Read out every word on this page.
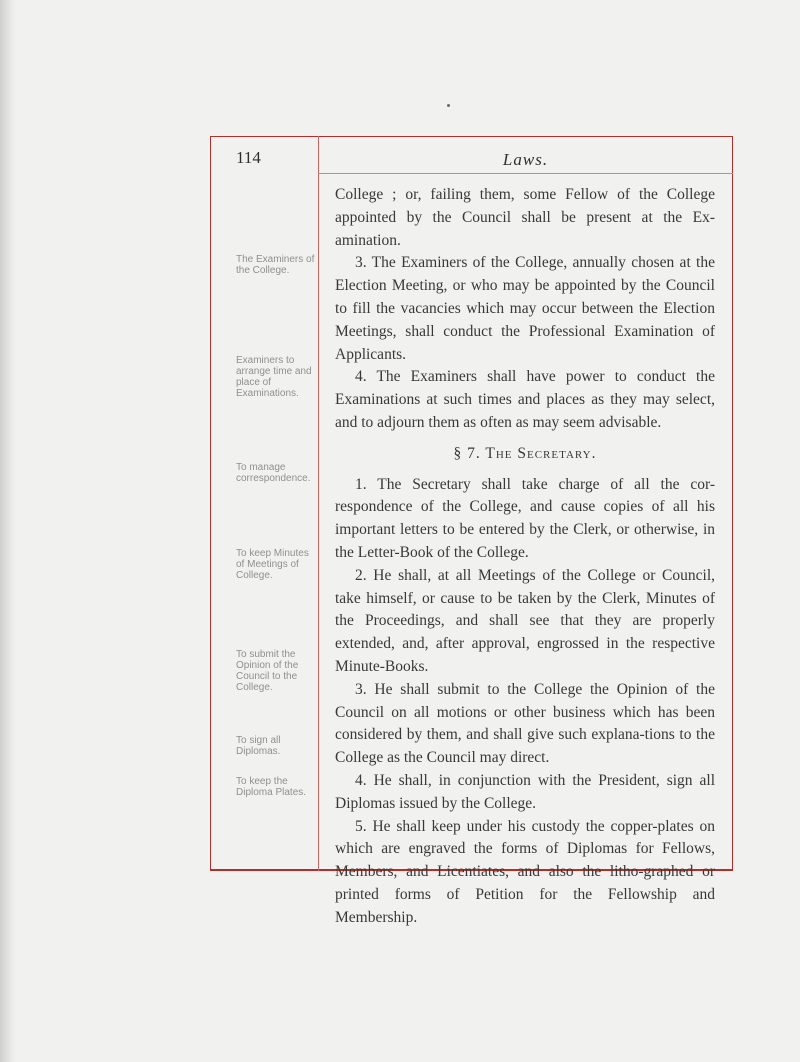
114	Laws.
The Examiners of the College.
Examiners to arrange time and place of Examinations.
To manage correspondence.
To keep Minutes of Meetings of College.
To submit the Opinion of the Council to the College.
To sign all Diplomas.
To keep the Diploma Plates.

College ; or, failing them, some Fellow of the College appointed by the Council shall be present at the Ex-amination.

3. The Examiners of the College, annually chosen at the Election Meeting, or who may be appointed by the Council to fill the vacancies which may occur between the Election Meetings, shall conduct the Professional Examination of Applicants.

4. The Examiners shall have power to conduct the Examinations at such times and places as they may select, and to adjourn them as often as may seem advisable.

§ 7. The Secretary.

1. The Secretary shall take charge of all the cor-respondence of the College, and cause copies of all his important letters to be entered by the Clerk, or otherwise, in the Letter-Book of the College.

2. He shall, at all Meetings of the College or Council, take himself, or cause to be taken by the Clerk, Minutes of the Proceedings, and shall see that they are properly extended, and, after approval, engrossed in the respective Minute-Books.

3. He shall submit to the College the Opinion of the Council on all motions or other business which has been considered by them, and shall give such explana-tions to the College as the Council may direct.

4. He shall, in conjunction with the President, sign all Diplomas issued by the College.

5. He shall keep under his custody the copper-plates on which are engraved the forms of Diplomas for Fellows, Members, and Licentiates, and also the litho-graphed or printed forms of Petition for the Fellowship and Membership.
